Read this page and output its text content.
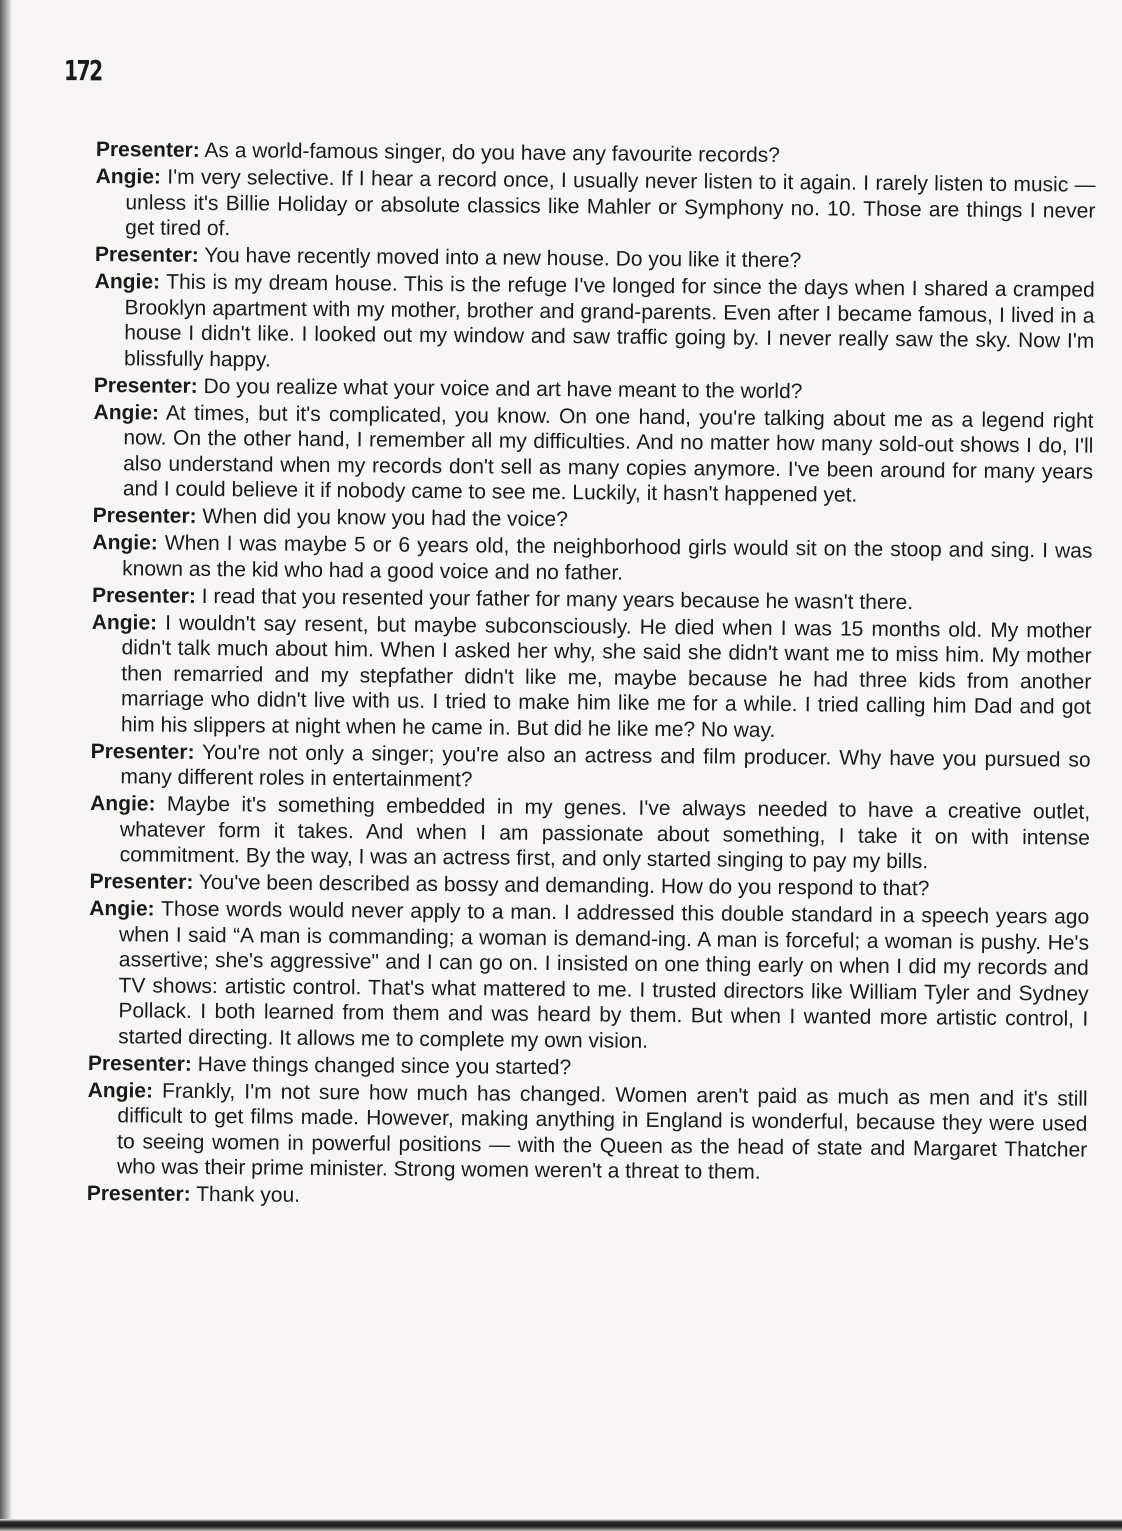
172

Presenter: As a world-famous singer, do you have any favourite records?

Angie: I'm very selective. If I hear a record once, I usually never listen to it again. I rarely listen to music — unless it's Billie Holiday or absolute classics like Mahler or Symphony no. 10. Those are things I never get tired of.

Presenter: You have recently moved into a new house. Do you like it there?

Angie: This is my dream house. This is the refuge I've longed for since the days when I shared a cramped Brooklyn apartment with my mother, brother and grand-parents. Even after I became famous, I lived in a house I didn't like. I looked out my window and saw traffic going by. I never really saw the sky. Now I'm blissfully happy.

Presenter: Do you realize what your voice and art have meant to the world?

Angie: At times, but it's complicated, you know. On one hand, you're talking about me as a legend right now. On the other hand, I remember all my difficulties. And no matter how many sold-out shows I do, I'll also understand when my records don't sell as many copies anymore. I've been around for many years and I could believe it if nobody came to see me. Luckily, it hasn't happened yet.

Presenter: When did you know you had the voice?

Angie: When I was maybe 5 or 6 years old, the neighborhood girls would sit on the stoop and sing. I was known as the kid who had a good voice and no father.

Presenter: I read that you resented your father for many years because he wasn't there.

Angie: I wouldn't say resent, but maybe subconsciously. He died when I was 15 months old. My mother didn't talk much about him. When I asked her why, she said she didn't want me to miss him. My mother then remarried and my stepfather didn't like me, maybe because he had three kids from another marriage who didn't live with us. I tried to make him like me for a while. I tried calling him Dad and got him his slippers at night when he came in. But did he like me? No way.

Presenter: You're not only a singer; you're also an actress and film producer. Why have you pursued so many different roles in entertainment?

Angie: Maybe it's something embedded in my genes. I've always needed to have a creative outlet, whatever form it takes. And when I am passionate about something, I take it on with intense commitment. By the way, I was an actress first, and only started singing to pay my bills.

Presenter: You've been described as bossy and demanding. How do you respond to that?

Angie: Those words would never apply to a man. I addressed this double standard in a speech years ago when I said “A man is commanding; a woman is demand-ing. A man is forceful; a woman is pushy. He's assertive; she's aggressive" and I can go on. I insisted on one thing early on when I did my records and TV shows: artistic control. That's what mattered to me. I trusted directors like William Tyler and Sydney Pollack. I both learned from them and was heard by them. But when I wanted more artistic control, I started directing. It allows me to complete my own vision.

Presenter: Have things changed since you started?

Angie: Frankly, I'm not sure how much has changed. Women aren't paid as much as men and it's still difficult to get films made. However, making anything in England is wonderful, because they were used to seeing women in powerful positions — with the Queen as the head of state and Margaret Thatcher who was their prime minister. Strong women weren't a threat to them.

Presenter: Thank you.
